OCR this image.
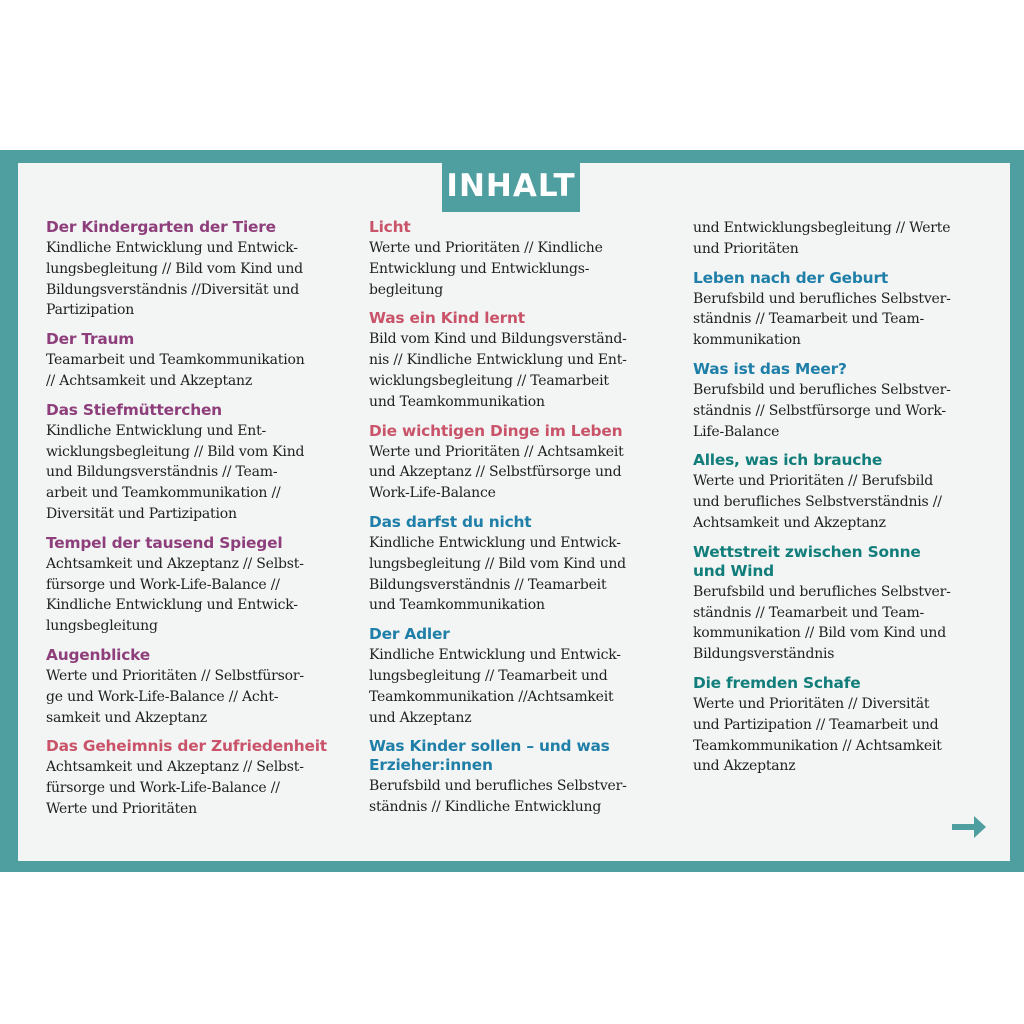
INHALT
Der Kindergarten der Tiere
Kindliche Entwicklung und Entwick-
lungsbegleitung // Bild vom Kind und
Bildungsverständnis //Diversität und
Partizipation
Der Traum
Teamarbeit und Teamkommunikation
// Achtsamkeit und Akzeptanz
Das Stiefmütterchen
Kindliche Entwicklung und Ent-
wicklungsbegleitung // Bild vom Kind
und Bildungsverständnis // Team-
arbeit und Teamkommunikation //
Diversität und Partizipation
Tempel der tausend Spiegel
Achtsamkeit und Akzeptanz // Selbst-
fürsorge und Work-Life-Balance //
Kindliche Entwicklung und Entwick-
lungsbegleitung
Augenblicke
Werte und Prioritäten // Selbstfürsor-
ge und Work-Life-Balance // Acht-
samkeit und Akzeptanz
Das Geheimnis der Zufriedenheit
Achtsamkeit und Akzeptanz // Selbst-
fürsorge und Work-Life-Balance //
Werte und Prioritäten
Licht
Werte und Prioritäten // Kindliche
Entwicklung und Entwicklungs-
begleitung
Was ein Kind lernt
Bild vom Kind und Bildungsverständ-
nis // Kindliche Entwicklung und Ent-
wicklungsbegleitung // Teamarbeit
und Teamkommunikation
Die wichtigen Dinge im Leben
Werte und Prioritäten // Achtsamkeit
und Akzeptanz // Selbstfürsorge und
Work-Life-Balance
Das darfst du nicht
Kindliche Entwicklung und Entwick-
lungsbegleitung // Bild vom Kind und
Bildungsverständnis // Teamarbeit
und Teamkommunikation
Der Adler
Kindliche Entwicklung und Entwick-
lungsbegleitung // Teamarbeit und
Teamkommunikation //Achtsamkeit
und Akzeptanz
Was Kinder sollen – und was
Erzieher:innen
Berufsbild und berufliches Selbstver-
ständnis // Kindliche Entwicklung
und Entwicklungsbegleitung // Werte
und Prioritäten
Leben nach der Geburt
Berufsbild und berufliches Selbstver-
ständnis // Teamarbeit und Team-
kommunikation
Was ist das Meer?
Berufsbild und berufliches Selbstver-
ständnis // Selbstfürsorge und Work-
Life-Balance
Alles, was ich brauche
Werte und Prioritäten // Berufsbild
und berufliches Selbstverständnis //
Achtsamkeit und Akzeptanz
Wettstreit zwischen Sonne
und Wind
Berufsbild und berufliches Selbstver-
ständnis // Teamarbeit und Team-
kommunikation // Bild vom Kind und
Bildungsverständnis
Die fremden Schafe
Werte und Prioritäten // Diversität
und Partizipation // Teamarbeit und
Teamkommunikation // Achtsamkeit
und Akzeptanz
